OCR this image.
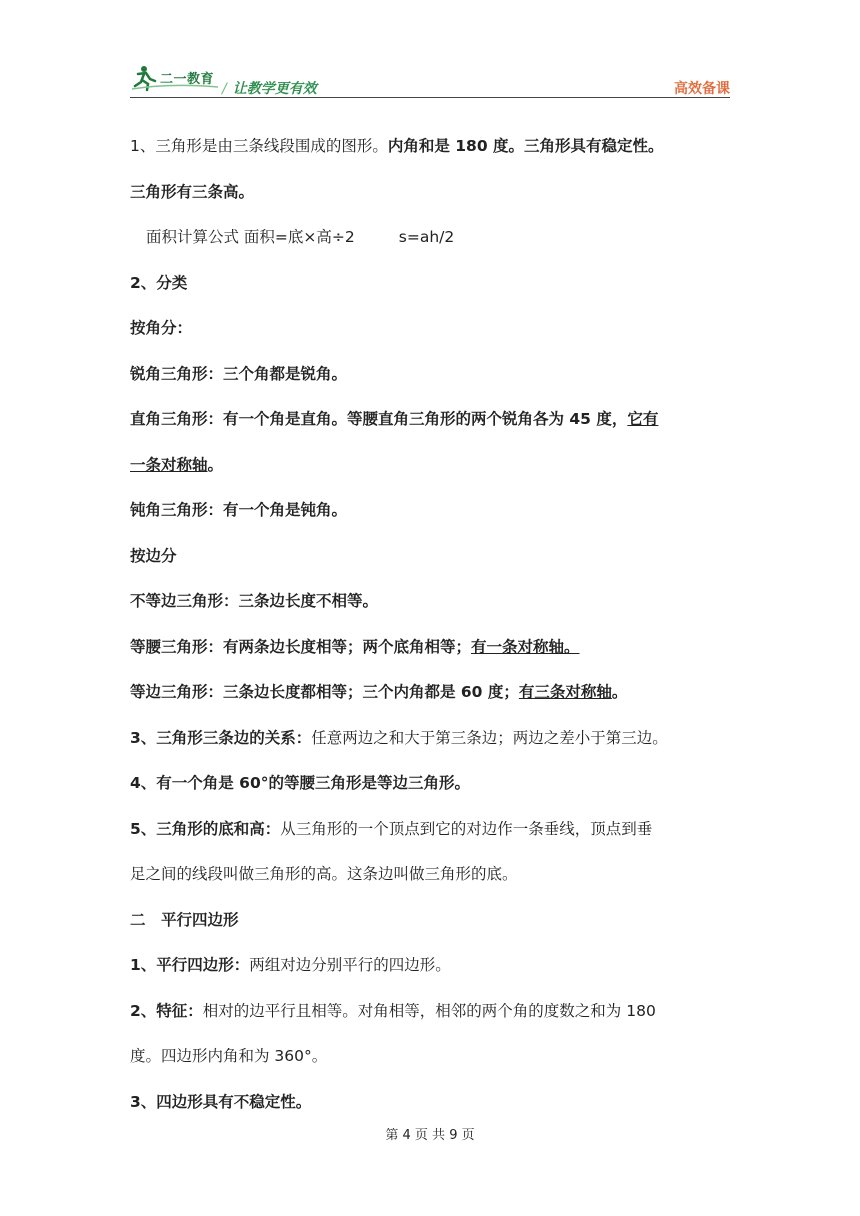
二一教育
/ 让教学更有效	高效备课
1、三角形是由三条线段围成的图形。内角和是 180 度。三角形具有稳定性。
三角形有三条高。
面积计算公式 面积=底×高÷2	s=ah/2
2、分类
按角分：
锐角三角形：三个角都是锐角。
直角三角形：有一个角是直角。等腰直角三角形的两个锐角各为 45 度，它有
一条对称轴。
钝角三角形：有一个角是钝角。
按边分
不等边三角形：三条边长度不相等。
等腰三角形：有两条边长度相等；两个底角相等；有一条对称轴。
等边三角形：三条边长度都相等；三个内角都是 60 度；有三条对称轴。
3、三角形三条边的关系：任意两边之和大于第三条边；两边之差小于第三边。
4、有一个角是 60°的等腰三角形是等边三角形。
5、三角形的底和高：从三角形的一个顶点到它的对边作一条垂线，顶点到垂
足之间的线段叫做三角形的高。这条边叫做三角形的底。
二　平行四边形
1、平行四边形：两组对边分别平行的四边形。
2、特征：相对的边平行且相等。对角相等，相邻的两个角的度数之和为 180
度。四边形内角和为 360°。
3、四边形具有不稳定性。
第 4 页 共 9 页
